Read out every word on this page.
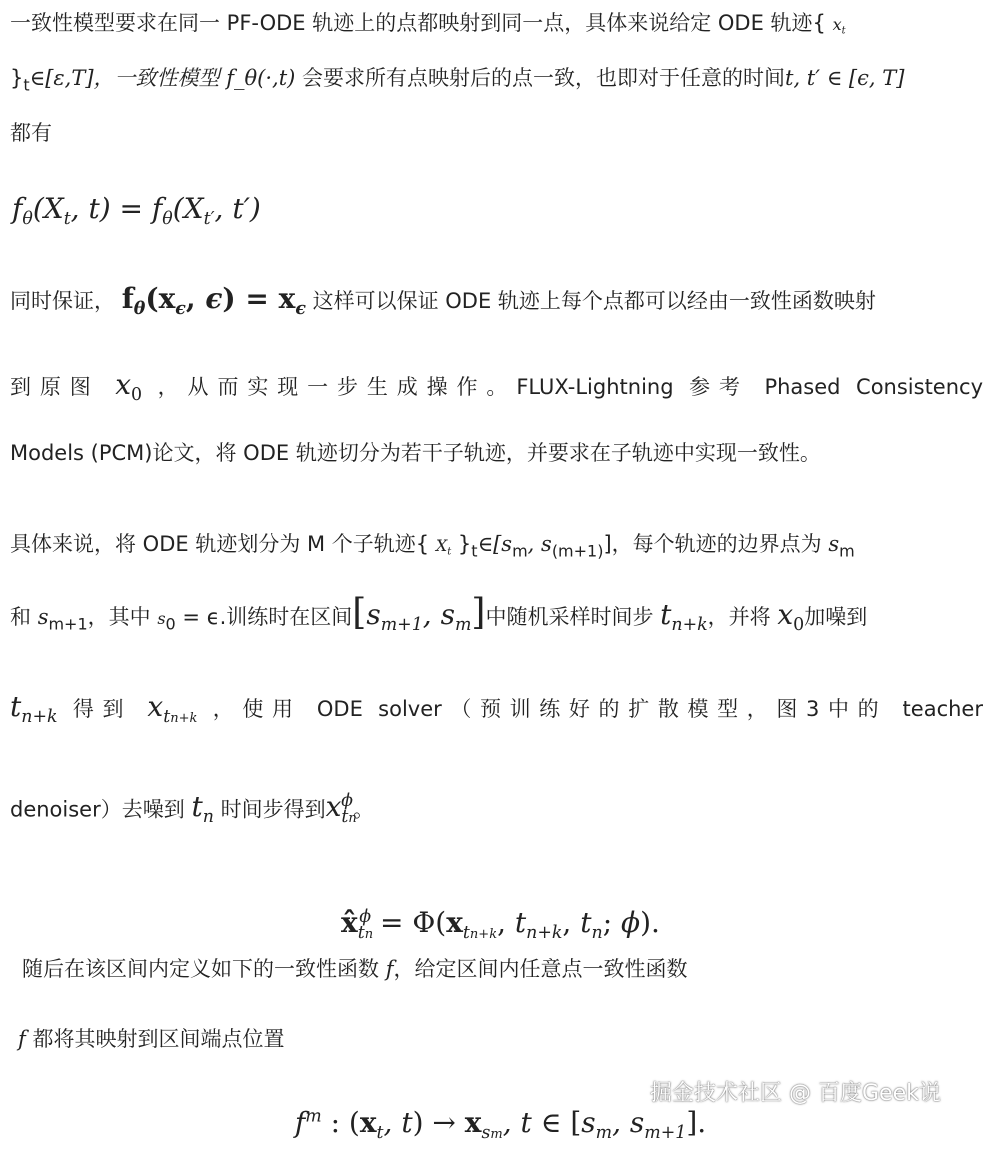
一致性模型要求在同一 PF-ODE 轨迹上的点都映射到同一点，具体来说给定 ODE 轨迹{ $x_t$
}$_t\in[\varepsilon,T]$，一致性模型 f_θ(·,t) 会要求所有点映射后的点一致，也即对于任意的时间t, t′ ∈ [ϵ, T]
都有
$f_\theta(X_t$, $t) = f_\theta(X_{t'}$, t′)
同时保证， $f_\theta(x_\epsilon$, $\epsilon) = x_\epsilon$ 这样可以保证 ODE 轨迹上每个点都可以经由一致性函数映射
到原图 $x_0$ ，从而实现一步生成操作。FLUX-Lightning 参考 Phased Consistency
Models (PCM)论文，将 ODE 轨迹切分为若干子轨迹，并要求在子轨迹中实现一致性。
具体来说，将 ODE 轨迹划分为 M 个子轨迹{ $X_t$ }$_t\in[s_m$, $s_{(m+1)}$]，每个轨迹的边界点为 $s_m$
和 $s_{m+1}$，其中 $s_0 = \epsilon$.训练时在区间[$s_{m+1}$, $s_m$]中随机采样时间步 $t_{n+k}$，并将 $x_0$加噪到
$t_{n+k}$ 得到 $x_{tn+k}$ ，使用 ODE solver（预训练好的扩散模型，图3中的 teacher
denoiser）去噪到 $t_n$ 时间步得到$x_{tn}^\phi$。
$x̂_{tn}^\phi = \Phi(x_{tn+k}$, $t_{n+k}$, $t_n$; ϕ).
随后在该区间内定义如下的一致性函数 f，给定区间内任意点一致性函数
f 都将其映射到区间端点位置
$f^m$ : ($x_t$, $t) \to x_{sm}$, t ∈ [$s_m$, $s_{m+1}$].
掘金技术社区 @ 百度Geek说
